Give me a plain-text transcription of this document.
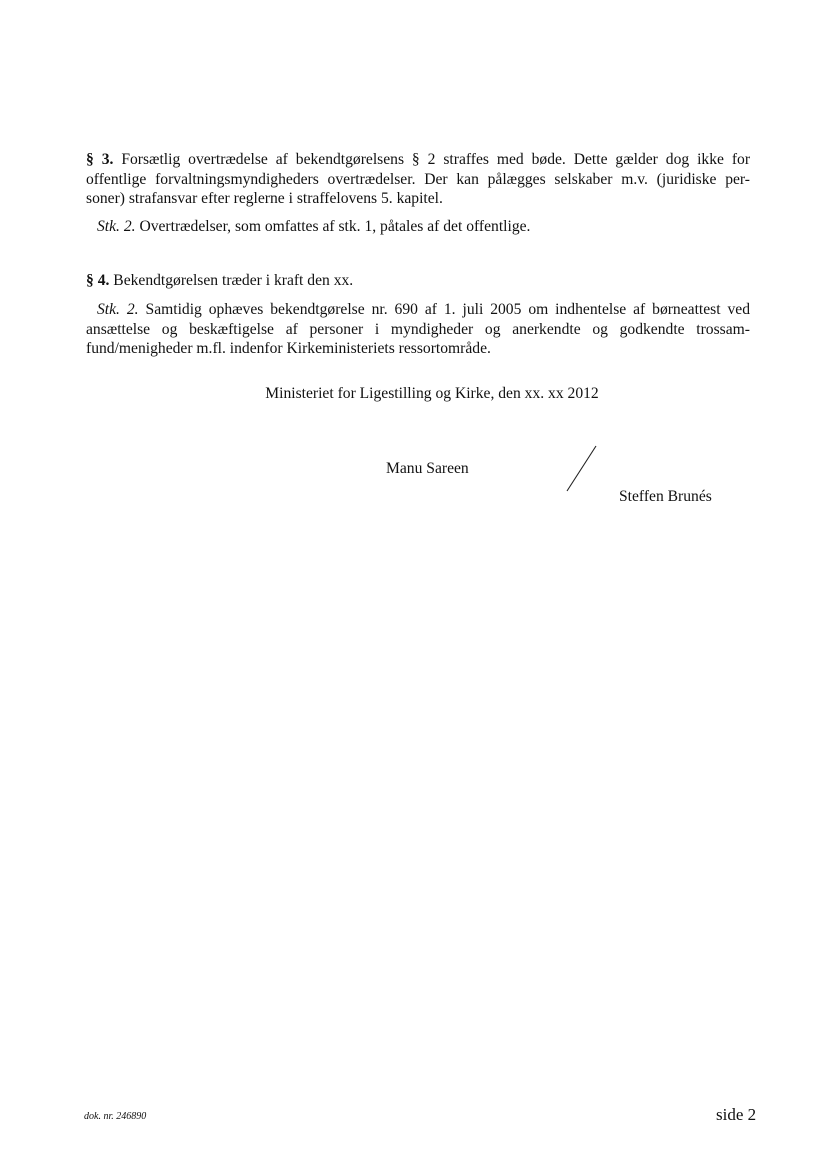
§ 3. Forsætlig overtrædelse af bekendtgørelsens § 2 straffes med bøde. Dette gælder dog ikke for
offentlige forvaltningsmyndigheders overtrædelser. Der kan pålægges selskaber m.v. (juridiske per-
soner) strafansvar efter reglerne i straffelovens 5. kapitel.
Stk. 2. Overtrædelser, som omfattes af stk. 1, påtales af det offentlige.
§ 4. Bekendtgørelsen træder i kraft den xx.
Stk. 2. Samtidig ophæves bekendtgørelse nr. 690 af 1. juli 2005 om indhentelse af børneattest ved
ansættelse og beskæftigelse af personer i myndigheder og anerkendte og godkendte trossam-
fund/menigheder m.fl. indenfor Kirkeministeriets ressortområde.
Ministeriet for Ligestilling og Kirke, den xx. xx 2012
Manu Sareen
Steffen Brunés
dok. nr. 246890	side 2
